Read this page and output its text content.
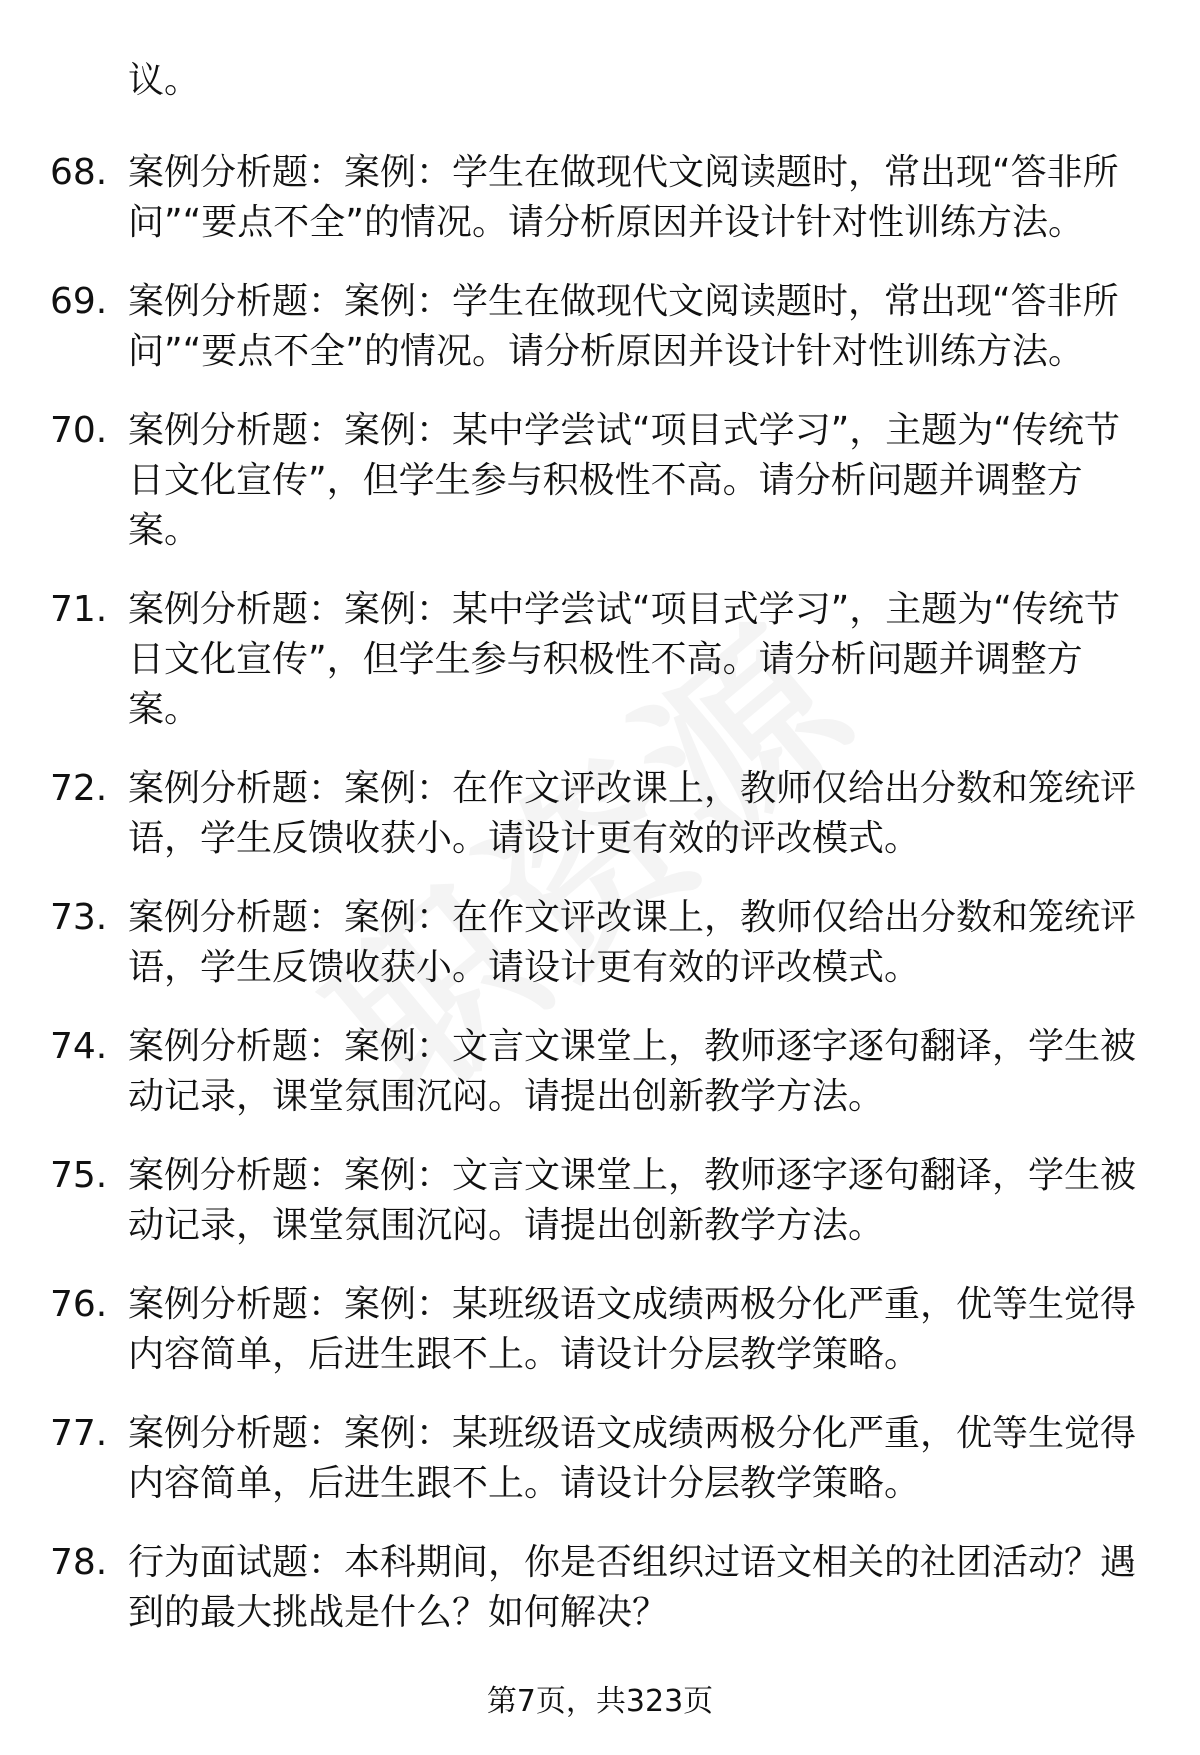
议。
68. 案例分析题：案例：学生在做现代文阅读题时，常出现“答非所问”“要点不全”的情况。请分析原因并设计针对性训练方法。
69. 案例分析题：案例：学生在做现代文阅读题时，常出现“答非所问”“要点不全”的情况。请分析原因并设计针对性训练方法。
70. 案例分析题：案例：某中学尝试“项目式学习”，主题为“传统节日文化宣传”，但学生参与积极性不高。请分析问题并调整方案。
71. 案例分析题：案例：某中学尝试“项目式学习”，主题为“传统节日文化宣传”，但学生参与积极性不高。请分析问题并调整方案。
72. 案例分析题：案例：在作文评改课上，教师仅给出分数和笼统评语，学生反馈收获小。请设计更有效的评改模式。
73. 案例分析题：案例：在作文评改课上，教师仅给出分数和笼统评语，学生反馈收获小。请设计更有效的评改模式。
74. 案例分析题：案例：文言文课堂上，教师逐字逐句翻译，学生被动记录，课堂氛围沉闷。请提出创新教学方法。
75. 案例分析题：案例：文言文课堂上，教师逐字逐句翻译，学生被动记录，课堂氛围沉闷。请提出创新教学方法。
76. 案例分析题：案例：某班级语文成绩两极分化严重，优等生觉得内容简单，后进生跟不上。请设计分层教学策略。
77. 案例分析题：案例：某班级语文成绩两极分化严重，优等生觉得内容简单，后进生跟不上。请设计分层教学策略。
78. 行为面试题：本科期间，你是否组织过语文相关的社团活动？遇到的最大挑战是什么？如何解决？
第7页，共323页
